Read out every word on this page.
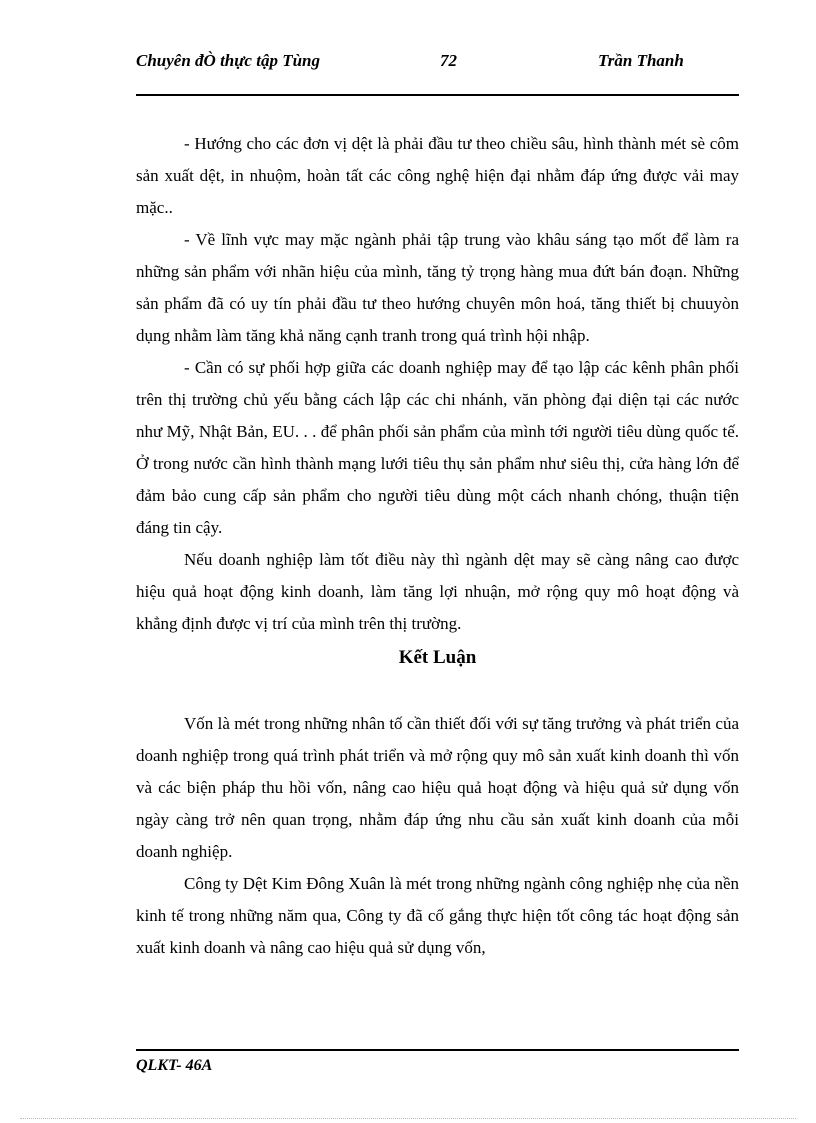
Chuyên đÒ thực tập Tùng	72	Trần Thanh

- Hướng cho các đơn vị dệt là phải đầu tư theo chiều sâu, hình thành mét sè côm sản xuất dệt, in nhuộm, hoàn tất các công nghệ hiện đại nhằm đáp ứng được vải may mặc..

- Về lĩnh vực may mặc ngành phải tập trung vào khâu sáng tạo mốt để làm ra những sản phẩm với nhãn hiệu của mình, tăng tỷ trọng hàng mua đứt bán đoạn. Những sản phẩm đã có uy tín phải đầu tư theo hướng chuyên môn hoá, tăng thiết bị chuuyòn dụng nhằm làm tăng khả năng cạnh tranh trong quá trình hội nhập.

- Cần có sự phối hợp giữa các doanh nghiệp may để tạo lập các kênh phân phối trên thị trường chủ yếu bằng cách lập các chi nhánh, văn phòng đại diện tại các nước như Mỹ, Nhật Bản, EU. . . để phân phối sản phẩm của mình tới người tiêu dùng quốc tế. Ở trong nước cần hình thành mạng lưới tiêu thụ sản phẩm như siêu thị, cửa hàng lớn để đảm bảo cung cấp sản phẩm cho người tiêu dùng một cách nhanh chóng, thuận tiện đáng tin cậy.

Nếu doanh nghiệp làm tốt điều này thì ngành dệt may sẽ càng nâng cao được hiệu quả hoạt động kinh doanh, làm tăng lợi nhuận, mở rộng quy mô hoạt động và khẳng định được vị trí của mình trên thị trường.

Kết Luận

Vốn là mét trong những nhân tố cần thiết đối với sự tăng trưởng và phát triển của doanh nghiệp trong quá trình phát triển và mở rộng quy mô sản xuất kinh doanh thì vốn và các biện pháp thu hồi vốn, nâng cao hiệu quả hoạt động và hiệu quả sử dụng vốn ngày càng trở nên quan trọng, nhằm đáp ứng nhu cầu sản xuất kinh doanh của mỗi doanh nghiệp.

Công ty Dệt Kim Đông Xuân là mét trong những ngành công nghiệp nhẹ của nền kinh tế trong những năm qua, Công ty đã cố gắng thực hiện tốt công tác hoạt động sản xuất kinh doanh và nâng cao hiệu quả sử dụng vốn,

QLKT- 46A
